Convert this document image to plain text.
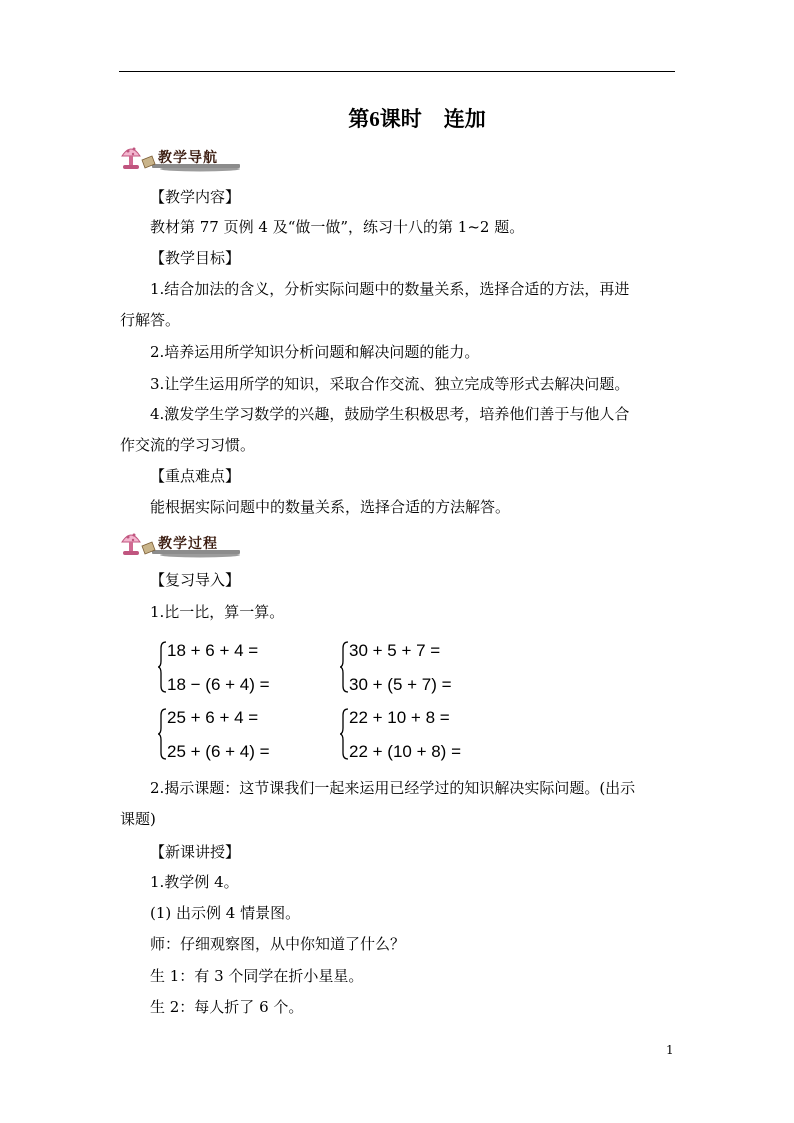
第6课时 连加
教学导航
【教学内容】
教材第 77 页例 4 及“做一做”，练习十八的第 1~2 题。
【教学目标】
1.结合加法的含义，分析实际问题中的数量关系，选择合适的方法，再进
行解答。
2.培养运用所学知识分析问题和解决问题的能力。
3.让学生运用所学的知识，采取合作交流、独立完成等形式去解决问题。
4.激发学生学习数学的兴趣，鼓励学生积极思考，培养他们善于与他人合
作交流的学习习惯。
【重点难点】
能根据实际问题中的数量关系，选择合适的方法解答。
教学过程
【复习导入】
1.比一比，算一算。
18 + 6 + 4 =
18 − (6 + 4) =
30 + 5 + 7 =
30 + (5 + 7) =
25 + 6 + 4 =
25 + (6 + 4) =
22 + 10 + 8 =
22 + (10 + 8) =
2.揭示课题：这节课我们一起来运用已经学过的知识解决实际问题。(出示
课题)
【新课讲授】
1.教学例 4。
(1) 出示例 4 情景图。
师：仔细观察图，从中你知道了什么？
生 1：有 3 个同学在折小星星。
生 2：每人折了 6 个。
1
